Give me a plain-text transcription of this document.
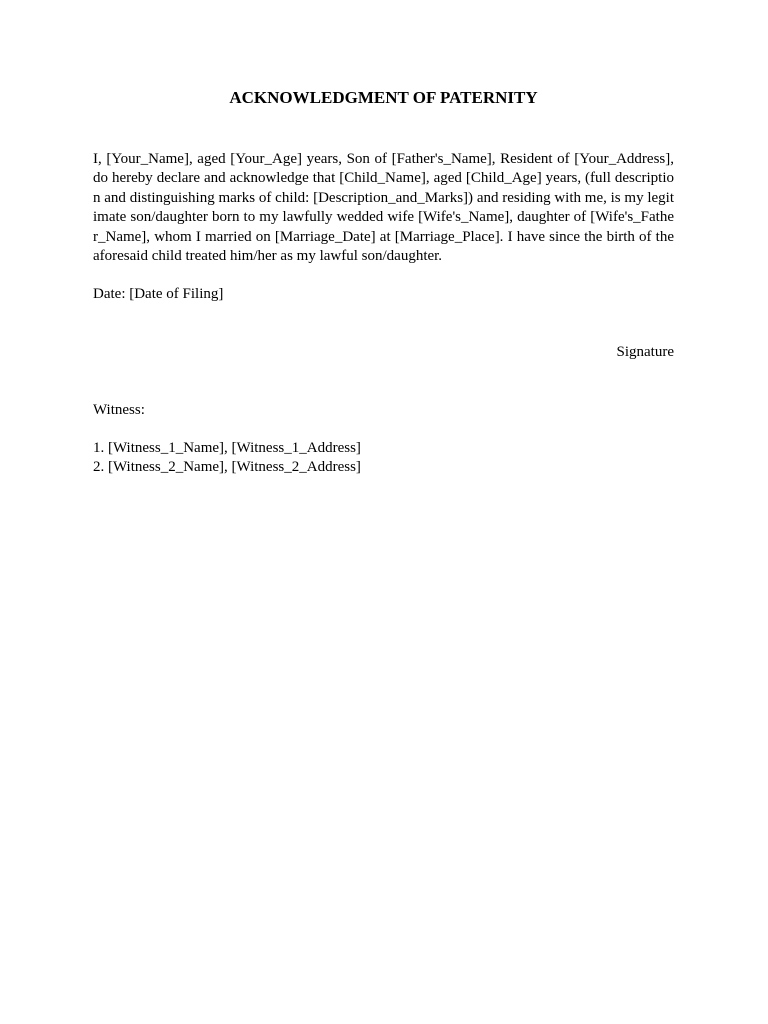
ACKNOWLEDGMENT OF PATERNITY

I, [Your_Name], aged [Your_Age] years, Son of [Father's_Name], Resident of [Your_Address], do hereby declare and acknowledge that [Child_Name], aged [Child_Age] years, (full description and distinguishing marks of child: [Description_and_Marks]) and residing with me, is my legitimate son/daughter born to my lawfully wedded wife [Wife's_Name], daughter of [Wife's_Father_Name], whom I married on [Marriage_Date] at [Marriage_Place]. I have since the birth of the aforesaid child treated him/her as my lawful son/daughter.

Date: [Date of Filing]

Signature

Witness:

1. [Witness_1_Name], [Witness_1_Address]
2. [Witness_2_Name], [Witness_2_Address]
